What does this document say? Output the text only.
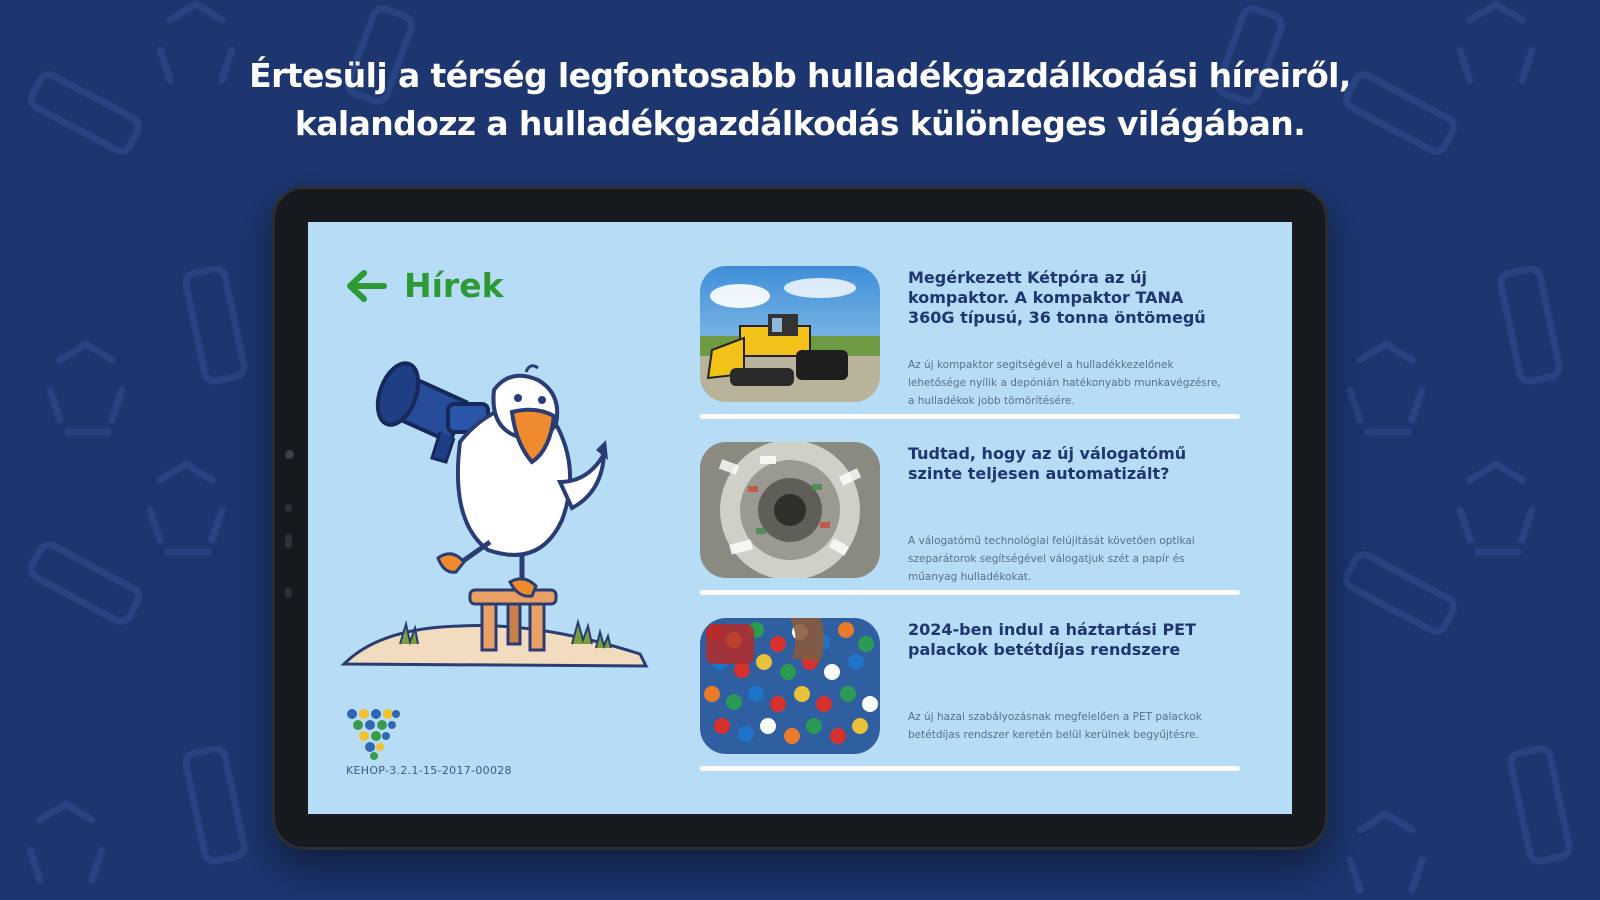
Értesülj a térség legfontosabb hulladékgazdálkodási híreiről,
kalandozz a hulladékgazdálkodás különleges világában.
Hírek
KEHOP-3.2.1-15-2017-00028
Megérkezett Kétpóra az új kompaktor. A kompaktor TANA 360G típusú, 36 tonna öntömegű
Az új kompaktor segítségével a hulladékkezelőnek lehetősége nyílik a depónián hatékonyabb munkavégzésre, a hulladékok jobb tömörítésére.
Tudtad, hogy az új válogatómű szinte teljesen automatizált?
A válogatómű technológiai felújítását követően optikai szeparátorok segítségével válogatjuk szét a papír és műanyag hulladékokat.
2024-ben indul a háztartási PET palackok betétdíjas rendszere
Az új hazai szabályozásnak megfelelően a PET palackok betétdíjas rendszer keretén belül kerülnek begyűjtésre.
